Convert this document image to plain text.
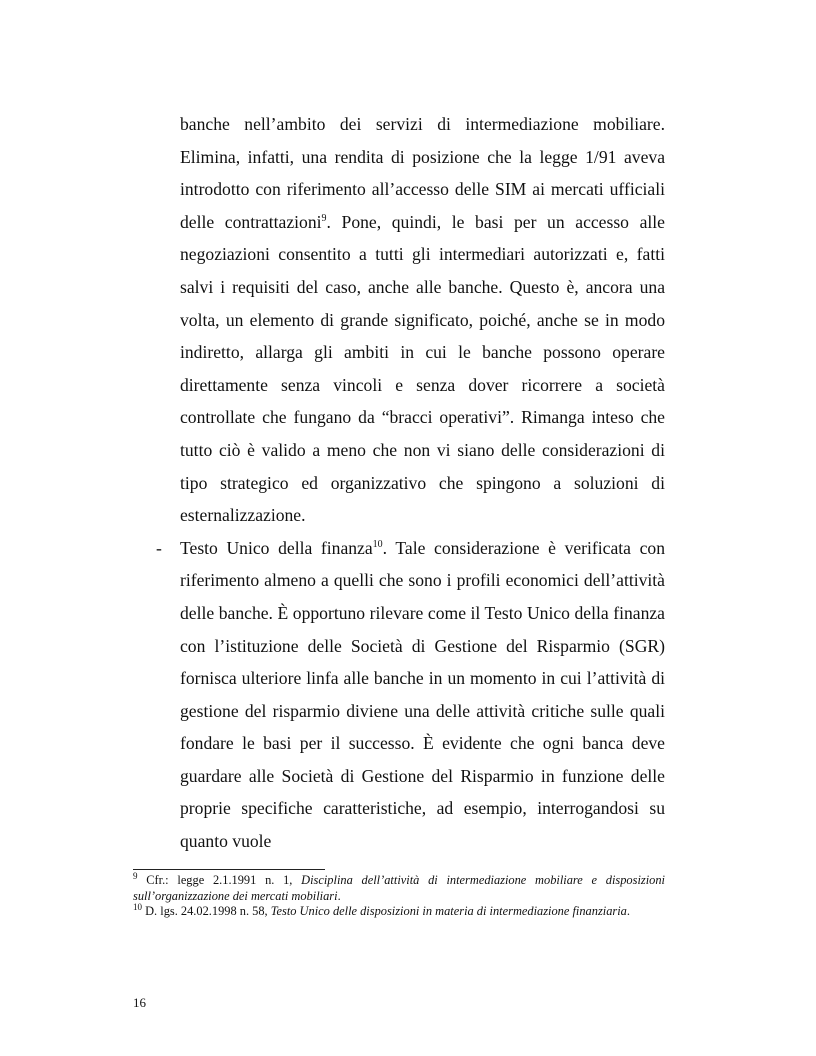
banche nell’ambito dei servizi di intermediazione mobiliare. Elimina, infatti, una rendita di posizione che la legge 1/91 aveva introdotto con riferimento all’accesso delle SIM ai mercati ufficiali delle contrattazioni$^9$. Pone, quindi, le basi per un accesso alle negoziazioni consentito a tutti gli intermediari autorizzati e, fatti salvi i requisiti del caso, anche alle banche. Questo è, ancora una volta, un elemento di grande significato, poiché, anche se in modo indiretto, allarga gli ambiti in cui le banche possono operare direttamente senza vincoli e senza dover ricorrere a società controllate che fungano da “bracci operativi”. Rimanga inteso che tutto ciò è valido a meno che non vi siano delle considerazioni di tipo strategico ed organizzativo che spingono a soluzioni di esternalizzazione.

- Testo Unico della finanza$^{10}$. Tale considerazione è verificata con riferimento almeno a quelli che sono i profili economici dell’attività delle banche. È opportuno rilevare come il Testo Unico della finanza con l’istituzione delle Società di Gestione del Risparmio (SGR) fornisca ulteriore linfa alle banche in un momento in cui l’attività di gestione del risparmio diviene una delle attività critiche sulle quali fondare le basi per il successo. È evidente che ogni banca deve guardare alle Società di Gestione del Risparmio in funzione delle proprie specifiche caratteristiche, ad esempio, interrogandosi su quanto vuole

$^9$ Cfr.: legge 2.1.1991 n. 1, Disciplina dell’attività di intermediazione mobiliare e disposizioni sull’organizzazione dei mercati mobiliari.

$^{10}$ D. lgs. 24.02.1998 n. 58, Testo Unico delle disposizioni in materia di intermediazione finanziaria.

16
